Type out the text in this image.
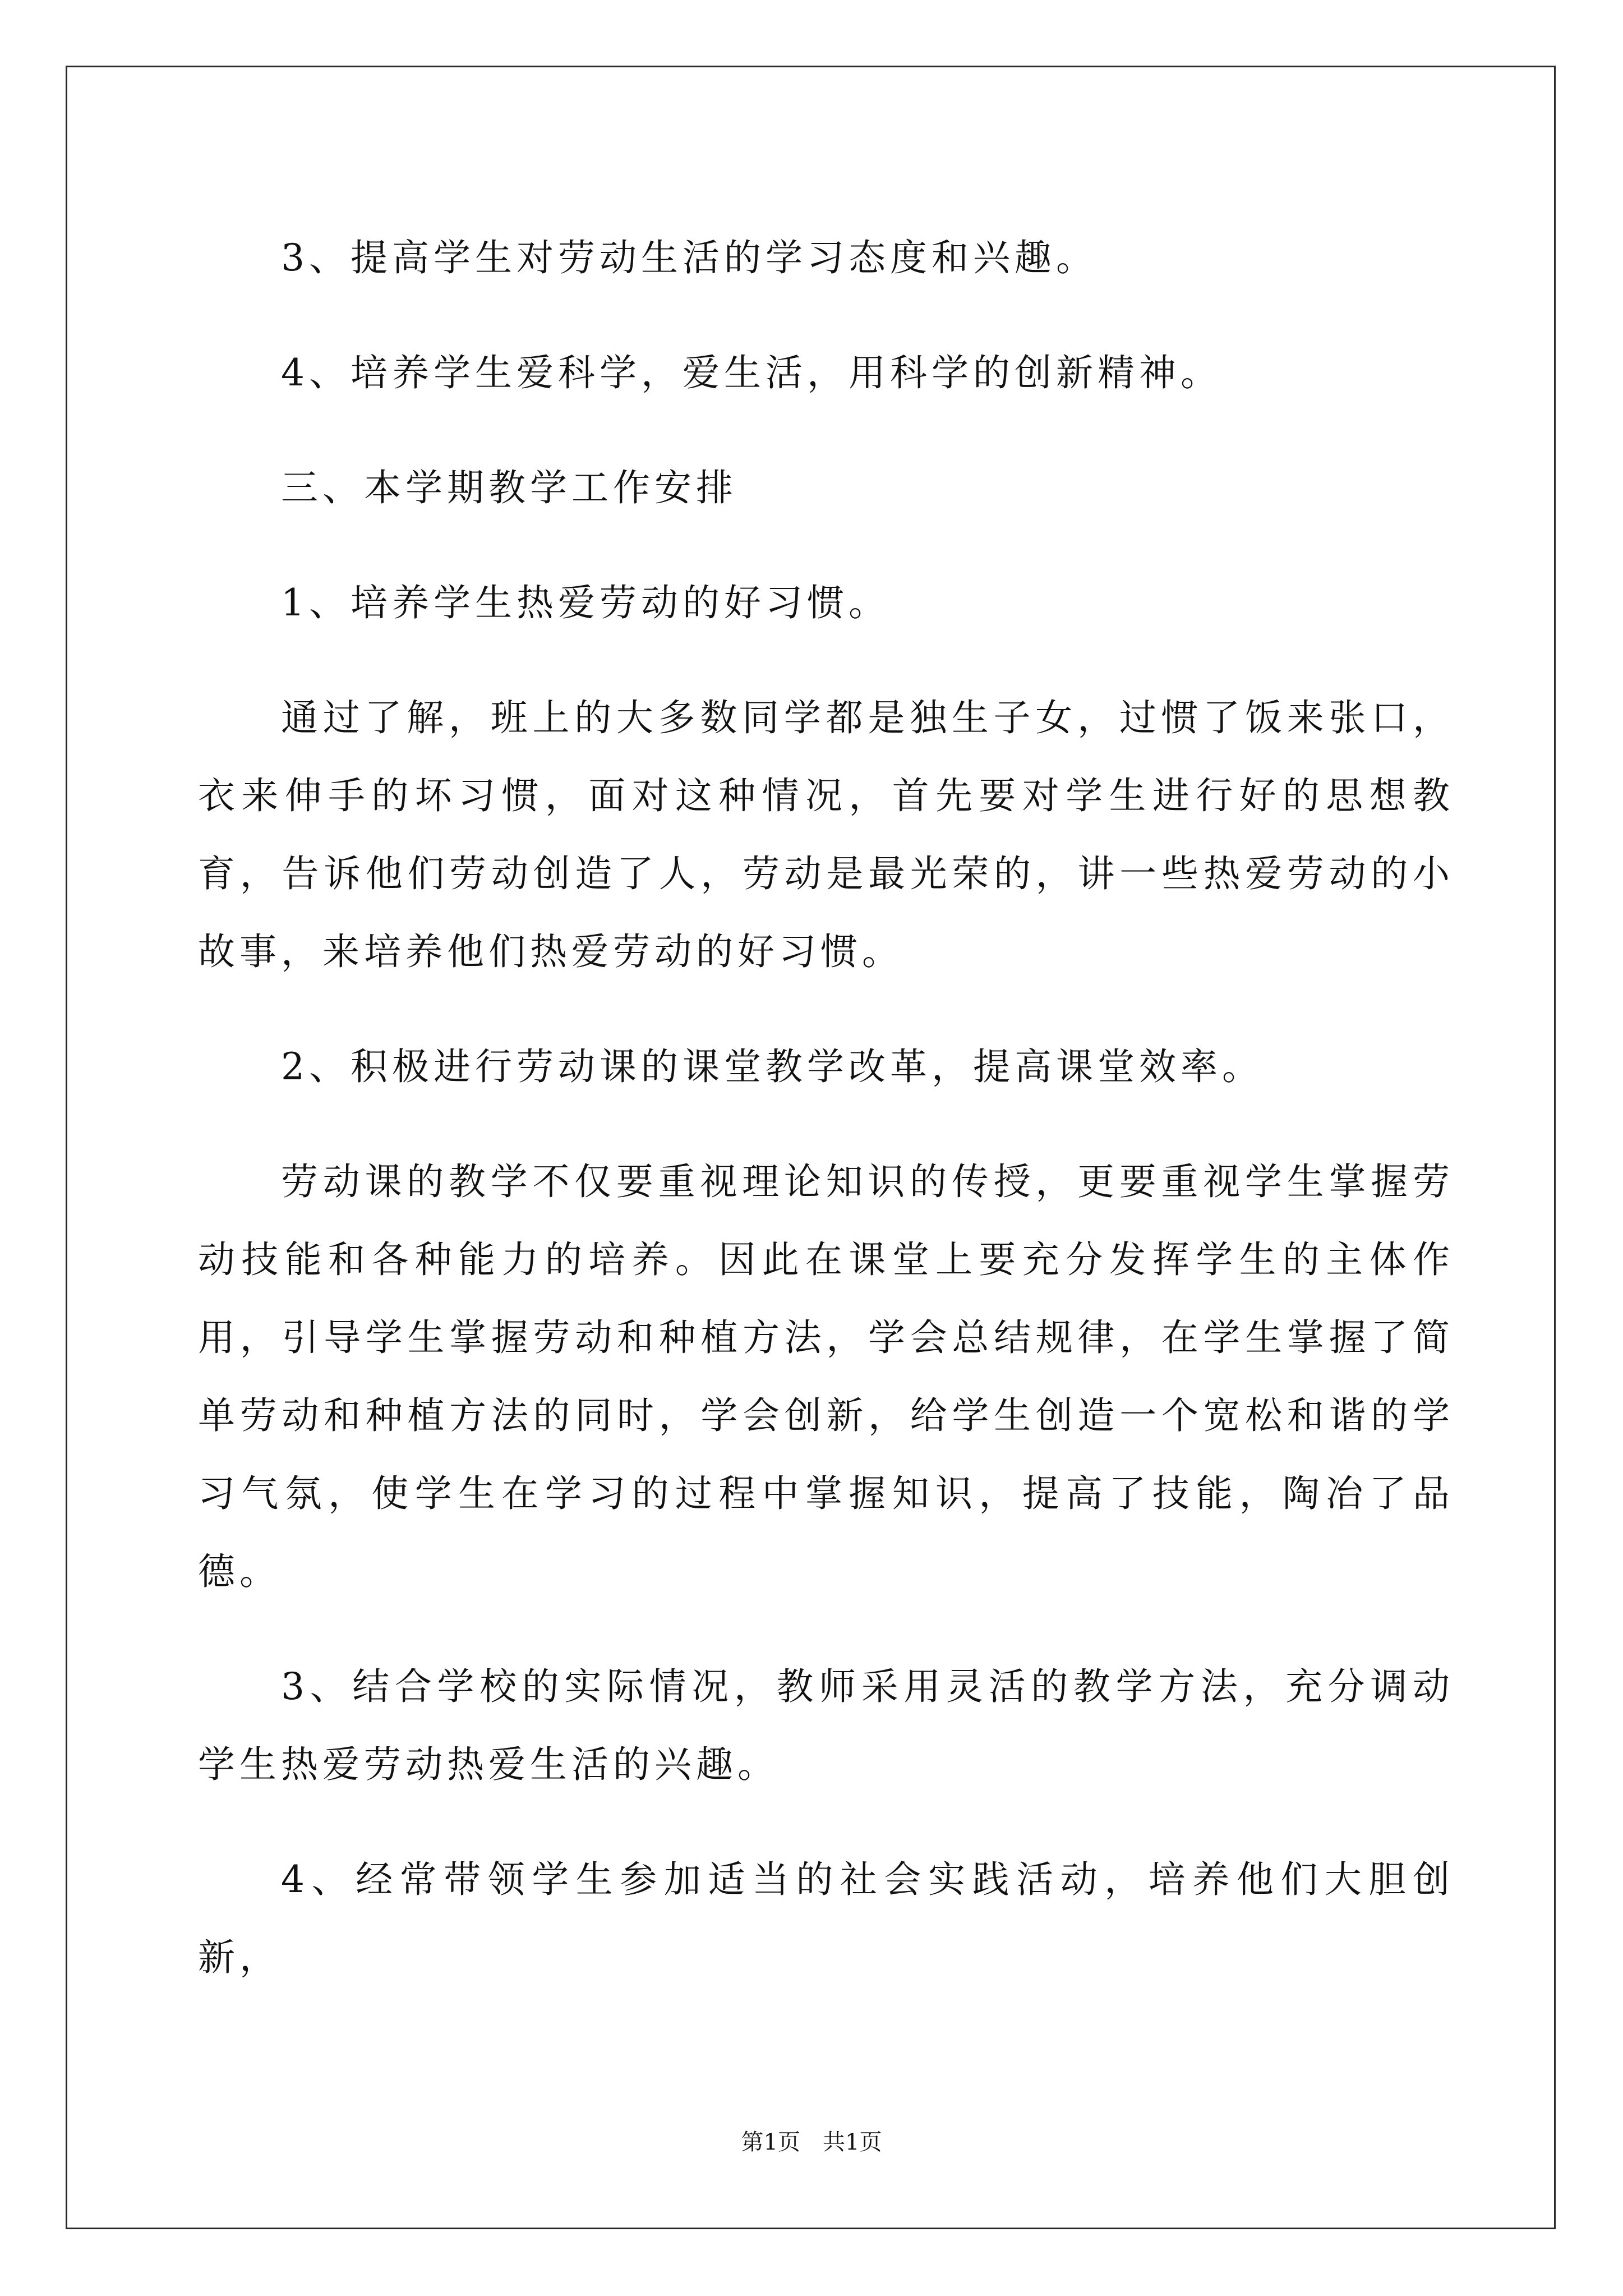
3、提高学生对劳动生活的学习态度和兴趣。

4、培养学生爱科学，爱生活，用科学的创新精神。

三、本学期教学工作安排

1、培养学生热爱劳动的好习惯。

通过了解，班上的大多数同学都是独生子女，过惯了饭来张口，衣来伸手的坏习惯，面对这种情况，首先要对学生进行好的思想教育，告诉他们劳动创造了人，劳动是最光荣的，讲一些热爱劳动的小故事，来培养他们热爱劳动的好习惯。

2、积极进行劳动课的课堂教学改革，提高课堂效率。

劳动课的教学不仅要重视理论知识的传授，更要重视学生掌握劳动技能和各种能力的培养。因此在课堂上要充分发挥学生的主体作用，引导学生掌握劳动和种植方法，学会总结规律，在学生掌握了简单劳动和种植方法的同时，学会创新，给学生创造一个宽松和谐的学习气氛，使学生在学习的过程中掌握知识，提高了技能，陶冶了品德。

3、结合学校的实际情况，教师采用灵活的教学方法，充分调动学生热爱劳动热爱生活的兴趣。

4、经常带领学生参加适当的社会实践活动，培养他们大胆创新，

第1页　共1页
